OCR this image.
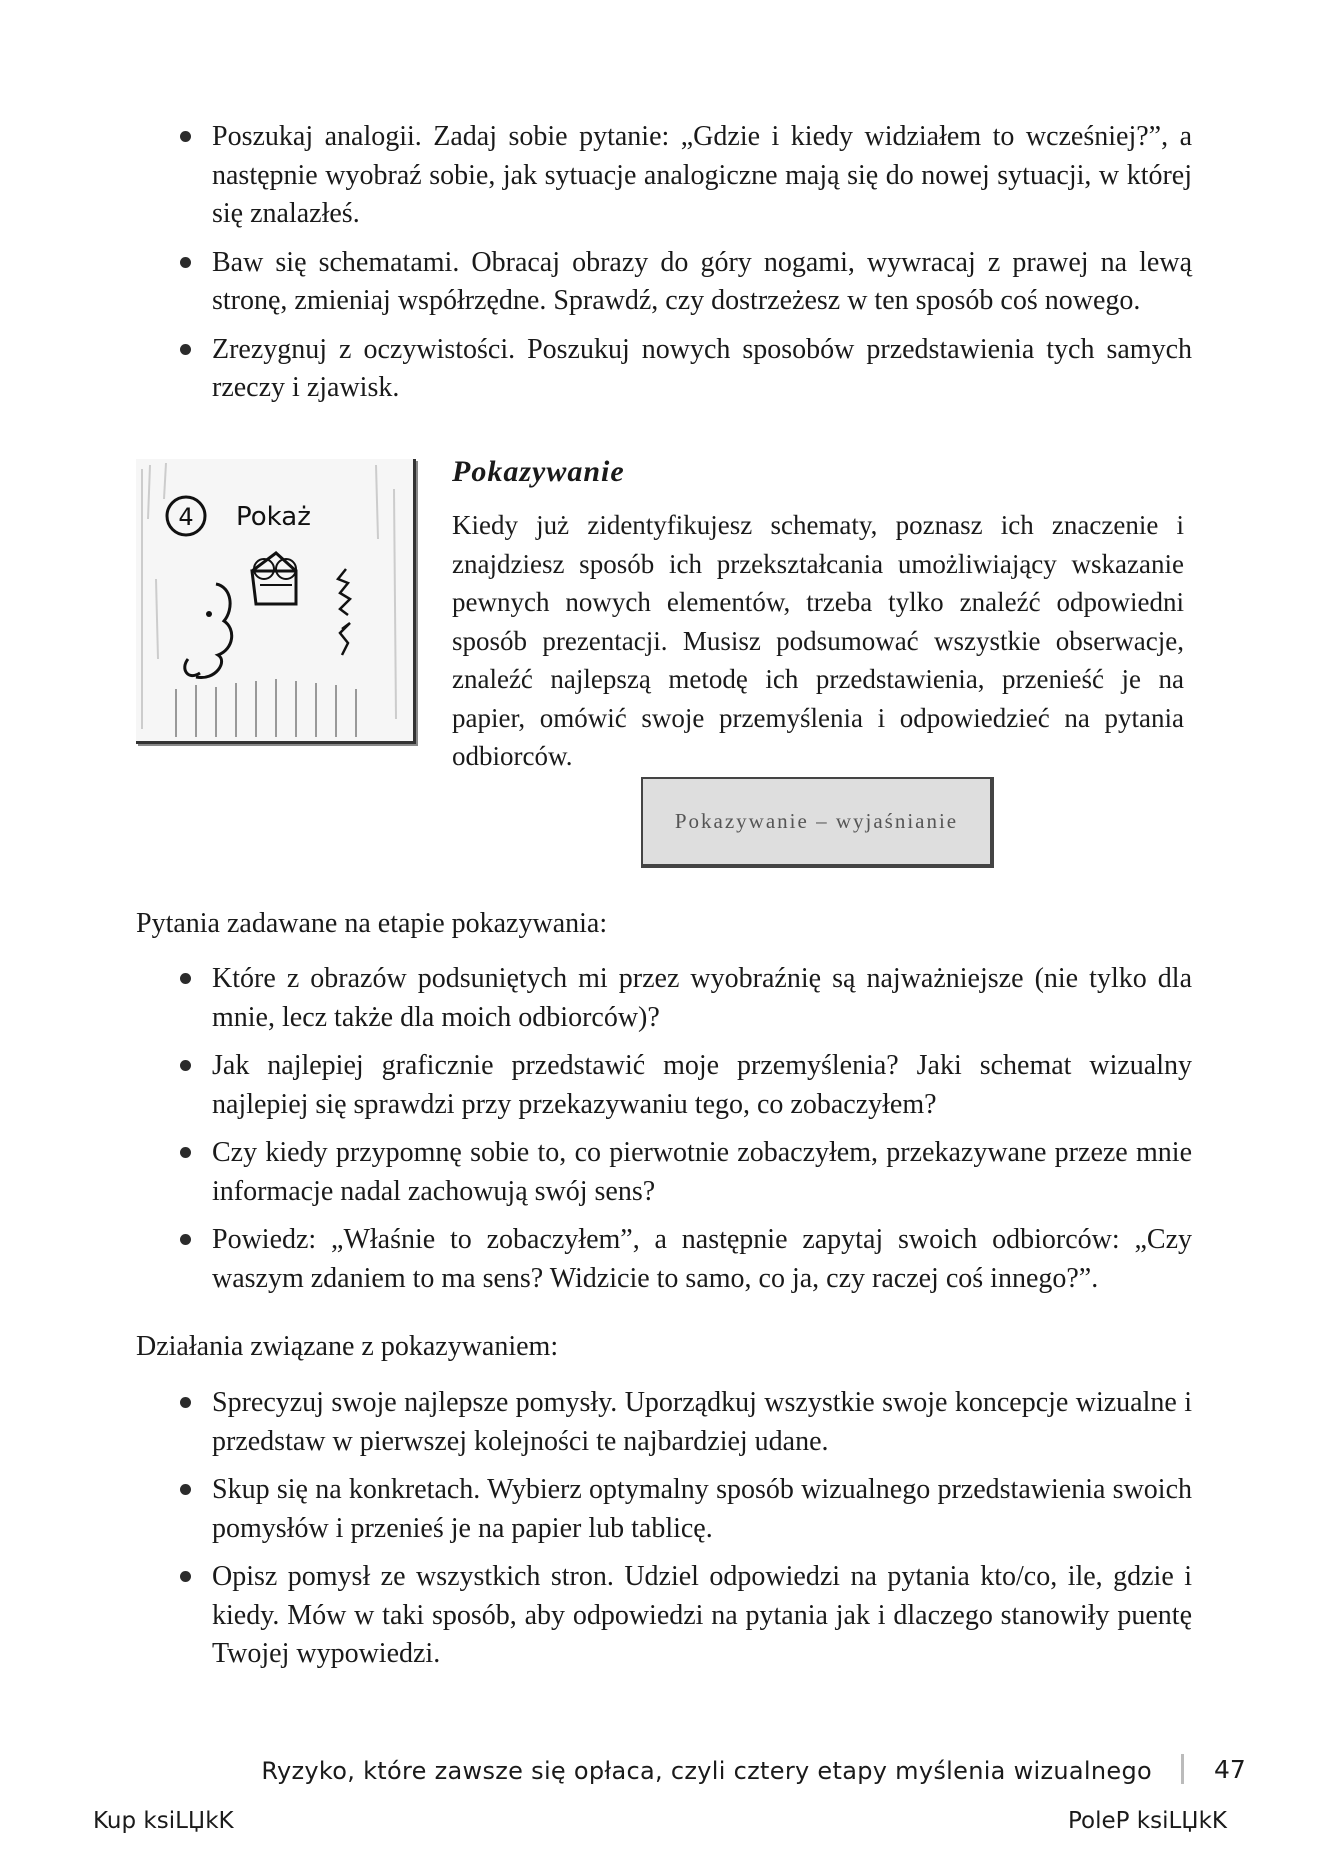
Poszukaj analogii. Zadaj sobie pytanie: „Gdzie i kiedy widziałem to wcześniej?”, a następnie wyobraź sobie, jak sytuacje analogiczne mają się do nowej sytuacji, w której się znalazłeś.
Baw się schematami. Obracaj obrazy do góry nogami, wywracaj z prawej na lewą stronę, zmieniaj współrzędne. Sprawdź, czy dostrzeżesz w ten sposób coś nowego.
Zrezygnuj z oczywistości. Poszukuj nowych sposobów przedstawienia tych samych rzeczy i zjawisk.
4 Pokaż
Pokazywanie

Kiedy już zidentyfikujesz schematy, poznasz ich znaczenie i znajdziesz sposób ich przekształcania umożliwiający wskazanie pewnych nowych elementów, trzeba tylko znaleźć odpowiedni sposób prezentacji. Musisz podsumować wszystkie obserwacje, znaleźć najlepszą metodę ich przedstawienia, przenieść je na papier, omówić swoje przemyślenia i odpowiedzieć na pytania odbiorców.

Pokazywanie – wyjaśnianie

Pytania zadawane na etapie pokazywania:

Które z obrazów podsuniętych mi przez wyobraźnię są najważniejsze (nie tylko dla mnie, lecz także dla moich odbiorców)?
Jak najlepiej graficznie przedstawić moje przemyślenia? Jaki schemat wizualny najlepiej się sprawdzi przy przekazywaniu tego, co zobaczyłem?
Czy kiedy przypomnę sobie to, co pierwotnie zobaczyłem, przekazywane przeze mnie informacje nadal zachowują swój sens?
Powiedz: „Właśnie to zobaczyłem”, a następnie zapytaj swoich odbiorców: „Czy waszym zdaniem to ma sens? Widzicie to samo, co ja, czy raczej coś innego?”.

Działania związane z pokazywaniem:

Sprecyzuj swoje najlepsze pomysły. Uporządkuj wszystkie swoje koncepcje wizualne i przedstaw w pierwszej kolejności te najbardziej udane.
Skup się na konkretach. Wybierz optymalny sposób wizualnego przedstawienia swoich pomysłów i przenieś je na papier lub tablicę.
Opisz pomysł ze wszystkich stron. Udziel odpowiedzi na pytania kto/co, ile, gdzie i kiedy. Mów w taki sposób, aby odpowiedzi na pytania jak i dlaczego stanowiły puentę Twojej wypowiedzi.

Ryzyko, które zawsze się opłaca, czyli cztery etapy myślenia wizualnego 47

Kup ksiLЏkK	PoleP ksiLЏkK
